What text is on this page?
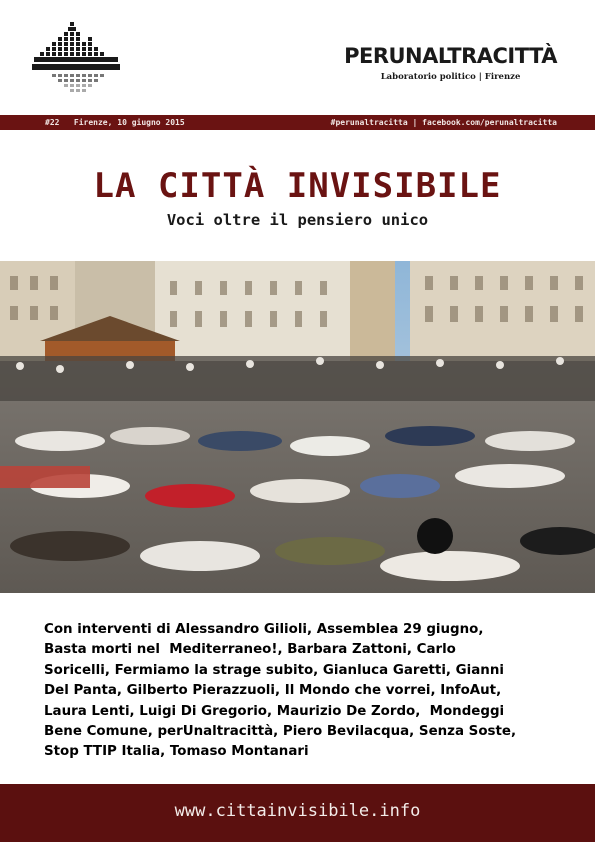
PERUNALTRACITTÀ
Laboratorio politico | Firenze
#22   Firenze, 10 giugno 2015	#perunaltracitta | facebook.com/perunaltracitta
LA CITTÀ INVISIBILE
Voci oltre il pensiero unico
Con interventi di Alessandro Gilioli, Assemblea 29 giugno,
Basta morti nel  Mediterraneo!, Barbara Zattoni, Carlo
Soricelli, Fermiamo la strage subito, Gianluca Garetti, Gianni
Del Panta, Gilberto Pierazzuoli, Il Mondo che vorrei, InfoAut,
Laura Lenti, Luigi Di Gregorio, Maurizio De Zordo,  Mondeggi
Bene Comune, perUnaltracittà, Piero Bevilacqua, Senza Soste,
Stop TTIP Italia, Tomaso Montanari
www.cittainvisibile.info
